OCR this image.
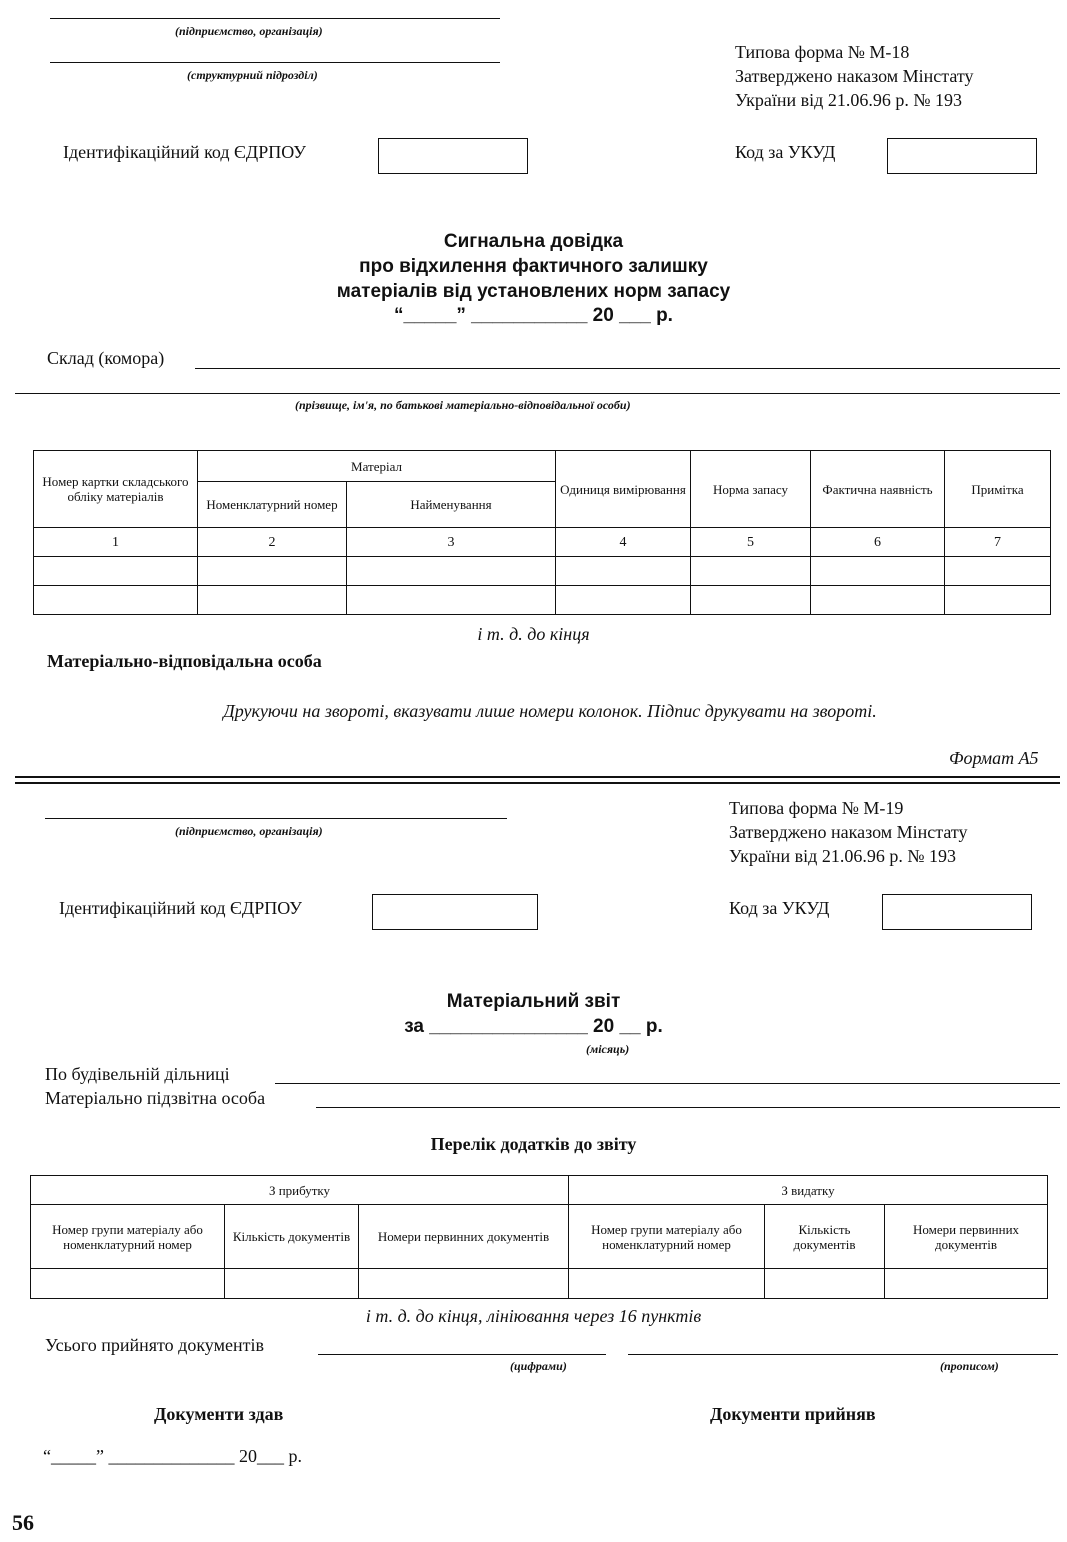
(підприємство, організація)
(структурний підрозділ)
Типова форма № М-18
Затверджено наказом Мінстату
України від 21.06.96 р. № 193
Ідентифікаційний код ЄДРПОУ	Код за УКУД
Сигнальна довідка
про відхилення фактичного залишку
матеріалів від установлених норм запасу
“_____” ___________ 20 ___ р.
Склад (комора)
(прізвище, ім'я, по батькові матеріально-відповідальної особи)
Номер картки складського обліку матеріалів	Матеріал		Одиниця вимірювання	Норма запасу	Фактична наявність	Примітка
	Номенклатурний номер	Найменування				
1	2	3	4	5	6	7

і т. д. до кінця
Матеріально-відповідальна особа
Друкуючи на звороті, вказувати лише номери колонок. Підпис друкувати на звороті.
Формат А5
(підприємство, організація)
Типова форма № М-19
Затверджено наказом Мінстату
України від 21.06.96 р. № 193
Ідентифікаційний код ЄДРПОУ	Код за УКУД
Матеріальний звіт
за _______________ 20 __ р.
(місяць)
По будівельній дільниці
Матеріально підзвітна особа
Перелік додатків до звіту
З прибутку			З видатку		
Номер групи матеріалу або номенклатурний номер	Кількість документів	Номери первинних документів	Номер групи матеріалу або номенклатурний номер	Кількість документів	Номери первинних документів

і т. д. до кінця, лініювання через 16 пунктів
Усього прийнято документів
(цифрами)	(прописом)
Документи здав	Документи прийняв
“_____” ______________ 20___ р.
56
